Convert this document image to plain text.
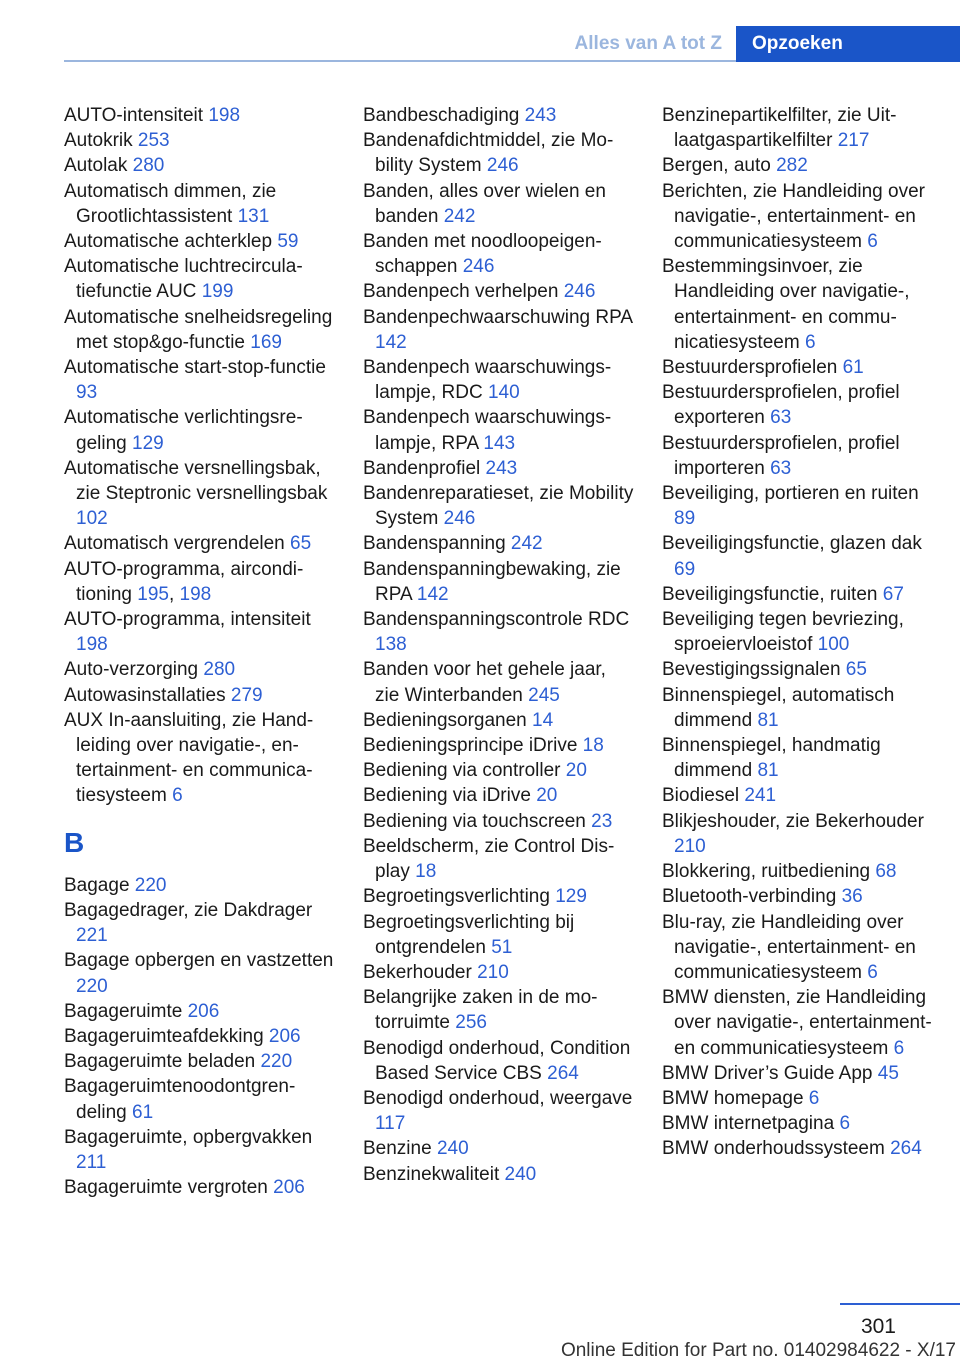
Alles van A tot Z	Opzoeken
AUTO-intensiteit 198
Autokrik 253
Autolak 280
Automatisch dimmen, zie Grootlichtassistent 131
Automatische achterklep 59
Automatische luchtrecirculatiefunctie AUC 199
Automatische snelheidsregeling met stop&go-functie 169
Automatische start-stop-functie 93
Automatische verlichtingsregeling 129
Automatische versnellingsbak, zie Steptronic versnellingsbak 102
Automatisch vergrendelen 65
AUTO-programma, airconditioning 195, 198
AUTO-programma, intensiteit 198
Auto-verzorging 280
Autowasinstallaties 279
AUX In-aansluiting, zie Handleiding over navigatie-, entertainment- en communicatiesysteem 6
B
Bagage 220
Bagagedrager, zie Dakdrager 221
Bagage opbergen en vastzetten 220
Bagageruimte 206
Bagageruimteafdekking 206
Bagageruimte beladen 220
Bagageruimtenoodontgrendeling 61
Bagageruimte, opbergvakken 211
Bagageruimte vergroten 206
Bandbeschadiging 243
Bandenafdichtmiddel, zie Mobility System 246
Banden, alles over wielen en banden 242
Banden met noodloopeigenschappen 246
Bandenpech verhelpen 246
Bandenpechwaarschuwing RPA 142
Bandenpech waarschuwingslampje, RDC 140
Bandenpech waarschuwingslampje, RPA 143
Bandenprofiel 243
Bandenreparatieset, zie Mobility System 246
Bandenspanning 242
Bandenspanningbewaking, zie RPA 142
Bandenspanningscontrole RDC 138
Banden voor het gehele jaar, zie Winterbanden 245
Bedieningsorganen 14
Bedieningsprincipe iDrive 18
Bediening via controller 20
Bediening via iDrive 20
Bediening via touchscreen 23
Beeldscherm, zie Control Display 18
Begroetingsverlichting 129
Begroetingsverlichting bij ontgrendelen 51
Bekerhouder 210
Belangrijke zaken in de motorruimte 256
Benodigd onderhoud, Condition Based Service CBS 264
Benodigd onderhoud, weergave 117
Benzine 240
Benzinekwaliteit 240
Benzinepartikelfilter, zie Uitlaatgaspartikelfilter 217
Bergen, auto 282
Berichten, zie Handleiding over navigatie-, entertainment- en communicatiesysteem 6
Bestemmingsinvoer, zie Handleiding over navigatie-, entertainment- en communicatiesysteem 6
Bestuurdersprofielen 61
Bestuurdersprofielen, profiel exporteren 63
Bestuurdersprofielen, profiel importeren 63
Beveiliging, portieren en ruiten 89
Beveiligingsfunctie, glazen dak 69
Beveiligingsfunctie, ruiten 67
Beveiliging tegen bevriezing, sproeiervloeistof 100
Bevestigingssignalen 65
Binnenspiegel, automatisch dimmend 81
Binnenspiegel, handmatig dimmend 81
Biodiesel 241
Blikjeshouder, zie Bekerhouder 210
Blokkering, ruitbediening 68
Bluetooth-verbinding 36
Blu-ray, zie Handleiding over navigatie-, entertainment- en communicatiesysteem 6
BMW diensten, zie Handleiding over navigatie-, entertainment- en communicatiesysteem 6
BMW Driver’s Guide App 45
BMW homepage 6
BMW internetpagina 6
BMW onderhoudssysteem 264
301
Online Edition for Part no. 01402984622 - X/17
